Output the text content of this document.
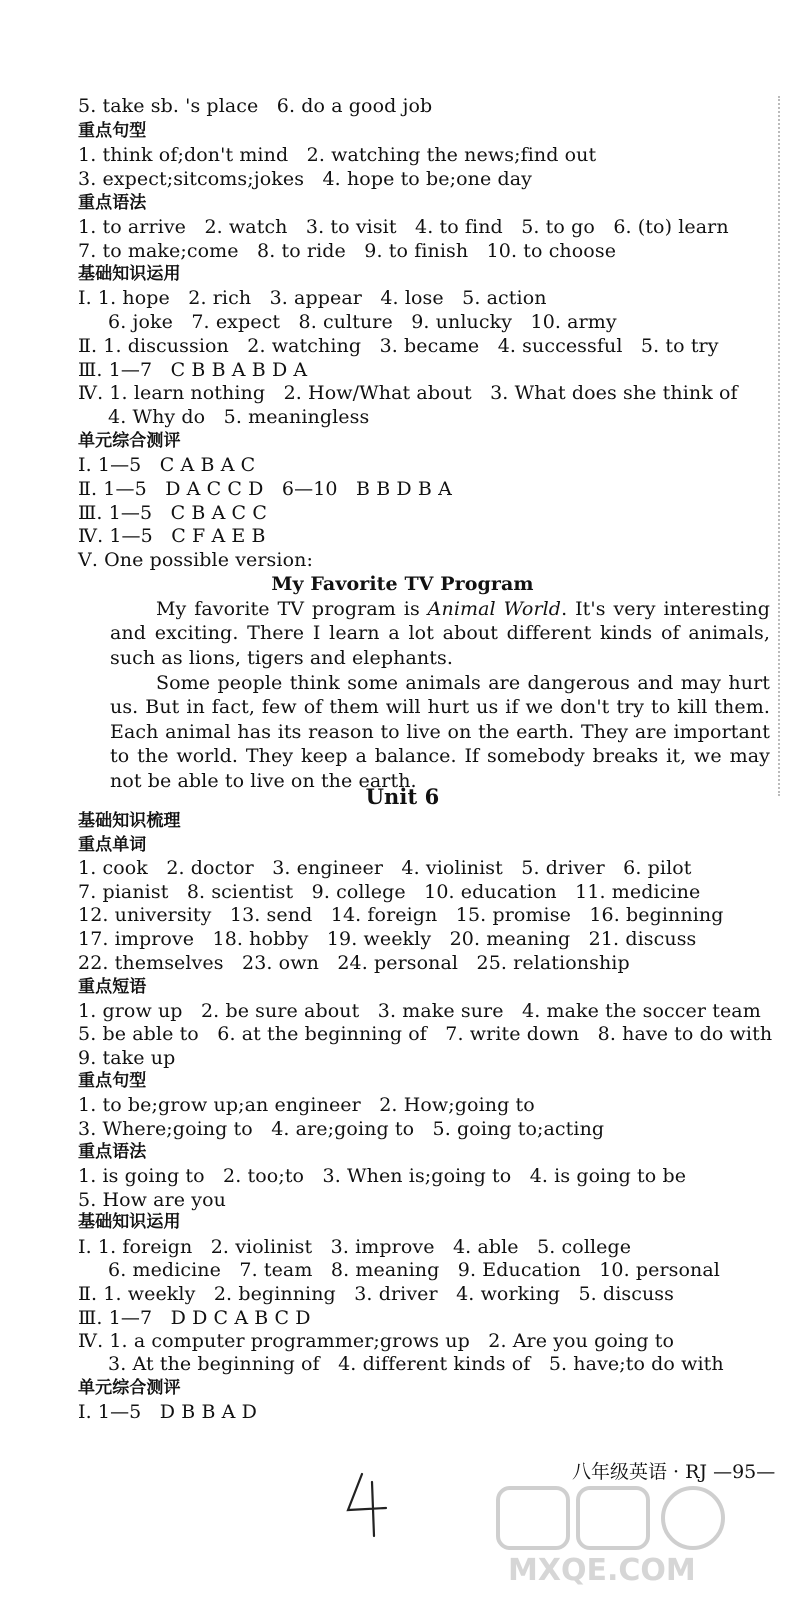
5. take sb. 's place   6. do a good job
重点句型
1. think of;don't mind   2. watching the news;find out
3. expect;sitcoms;jokes   4. hope to be;one day
重点语法
1. to arrive   2. watch   3. to visit   4. to find   5. to go   6. (to) learn
7. to make;come   8. to ride   9. to finish   10. to choose
基础知识运用
Ⅰ. 1. hope   2. rich   3. appear   4. lose   5. action
6. joke   7. expect   8. culture   9. unlucky   10. army
Ⅱ. 1. discussion   2. watching   3. became   4. successful   5. to try
Ⅲ. 1—7   C B B A B D A
Ⅳ. 1. learn nothing   2. How/What about   3. What does she think of
4. Why do   5. meaningless
单元综合测评
Ⅰ. 1—5   C A B A C
Ⅱ. 1—5   D A C C D   6—10   B B D B A
Ⅲ. 1—5   C B A C C
Ⅳ. 1—5   C F A E B
Ⅴ. One possible version:
My Favorite TV Program
My favorite TV program is Animal World. It's very interesting and exciting. There I learn a lot about different kinds of animals, such as lions, tigers and elephants.
Some people think some animals are dangerous and may hurt us. But in fact, few of them will hurt us if we don't try to kill them. Each animal has its reason to live on the earth. They are important to the world. They keep a balance. If somebody breaks it, we may not be able to live on the earth.
Unit 6
基础知识梳理
重点单词
1. cook   2. doctor   3. engineer   4. violinist   5. driver   6. pilot
7. pianist   8. scientist   9. college   10. education   11. medicine
12. university   13. send   14. foreign   15. promise   16. beginning
17. improve   18. hobby   19. weekly   20. meaning   21. discuss
22. themselves   23. own   24. personal   25. relationship
重点短语
1. grow up   2. be sure about   3. make sure   4. make the soccer team
5. be able to   6. at the beginning of   7. write down   8. have to do with
9. take up
重点句型
1. to be;grow up;an engineer   2. How;going to
3. Where;going to   4. are;going to   5. going to;acting
重点语法
1. is going to   2. too;to   3. When is;going to   4. is going to be
5. How are you
基础知识运用
Ⅰ. 1. foreign   2. violinist   3. improve   4. able   5. college
6. medicine   7. team   8. meaning   9. Education   10. personal
Ⅱ. 1. weekly   2. beginning   3. driver   4. working   5. discuss
Ⅲ. 1—7   D D C A B C D
Ⅳ. 1. a computer programmer;grows up   2. Are you going to
3. At the beginning of   4. different kinds of   5. have;to do with
单元综合测评
Ⅰ. 1—5   D B B A D
八年级英语 · RJ —95—
MXQE.COM
